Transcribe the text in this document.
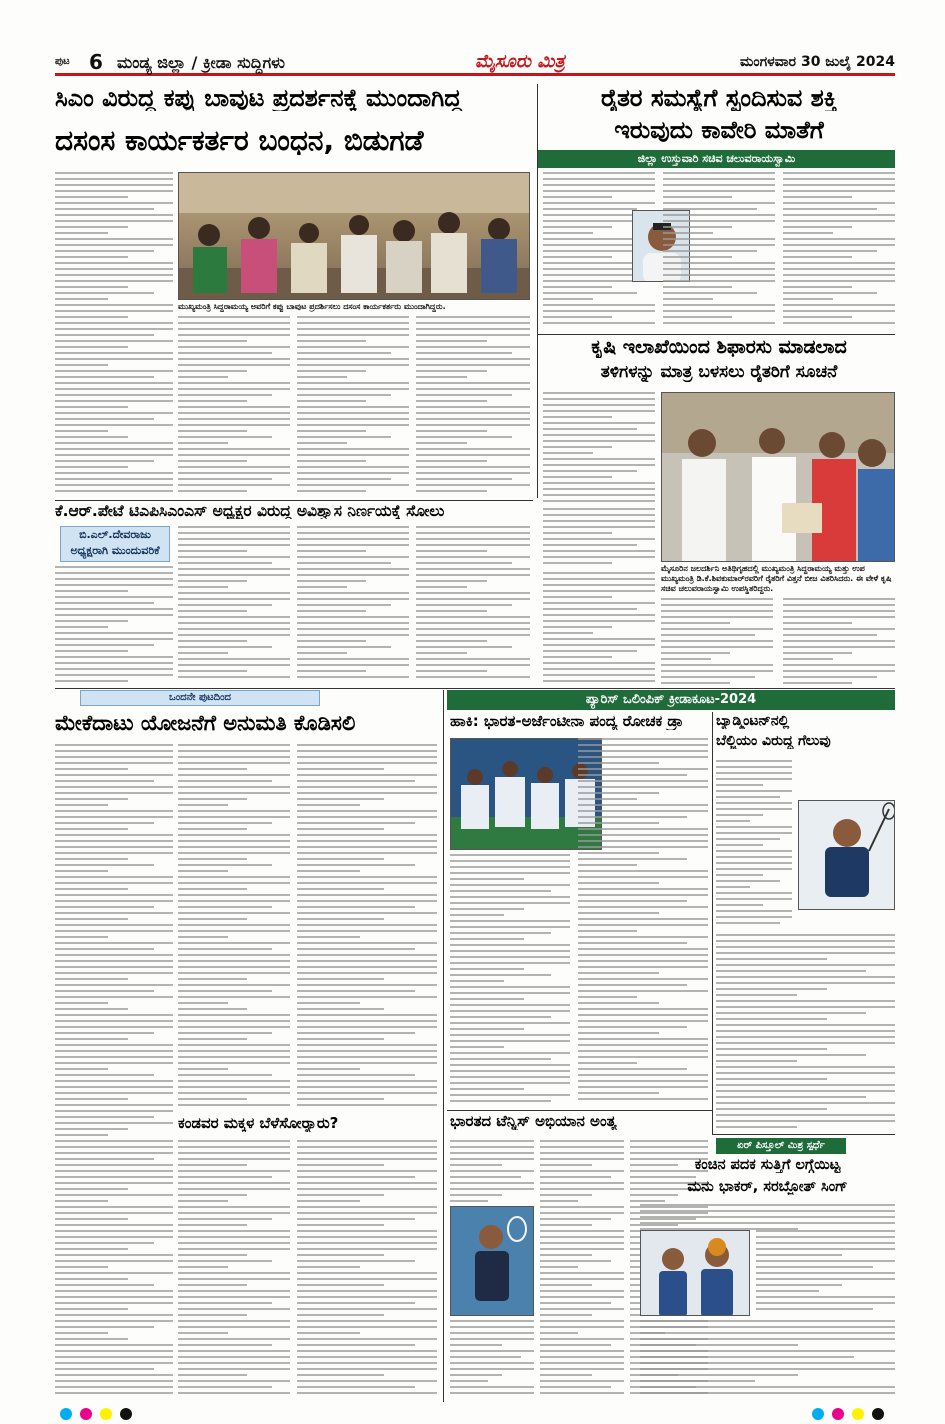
ಪುಟ 6 ಮಂಡ್ಯ ಜಿಲ್ಲಾ / ಕ್ರೀಡಾ ಸುದ್ದಿಗಳು	ಮೈಸೂರು ಮಿತ್ರ	ಮಂಗಳವಾರ 30 ಜುಲೈ 2024
ಸಿಎಂ ವಿರುದ್ಧ ಕಪ್ಪು ಬಾವುಟ ಪ್ರದರ್ಶನಕ್ಕೆ ಮುಂದಾಗಿದ್ದ
ದಸಂಸ ಕಾರ್ಯಕರ್ತರ ಬಂಧನ, ಬಿಡುಗಡೆ
ಮುಖ್ಯಮಂತ್ರಿ ಸಿದ್ದರಾಮಯ್ಯ ಅವರಿಗೆ ಕಪ್ಪು ಬಾವುಟ ಪ್ರದರ್ಶಿಸಲು ದಸಂಸ ಕಾರ್ಯಕರ್ತರು ಮುಂದಾಗಿದ್ದರು.
ರೈತರ ಸಮಸ್ಯೆಗೆ ಸ್ಪಂದಿಸುವ ಶಕ್ತಿ
ಇರುವುದು ಕಾವೇರಿ ಮಾತೆಗೆ
ಜಿಲ್ಲಾ ಉಸ್ತುವಾರಿ ಸಚಿವ ಚಲುವರಾಯಸ್ವಾಮಿ
ಕೃಷಿ ಇಲಾಖೆಯಿಂದ ಶಿಫಾರಸು ಮಾಡಲಾದ
ತಳಿಗಳನ್ನು ಮಾತ್ರ ಬಳಸಲು ರೈತರಿಗೆ ಸೂಚನೆ
ಮೈಸೂರಿನ ಜಲದರ್ಶಿನಿ ಅತಿಥಿಗೃಹದಲ್ಲಿ ಮುಖ್ಯಮಂತ್ರಿ ಸಿದ್ದರಾಮಯ್ಯ ಮತ್ತು ಉಪ ಮುಖ್ಯಮಂತ್ರಿ ಡಿ.ಕೆ.ಶಿವಕುಮಾರ್‌ರವರಿಗೆ ರೈತರಿಗೆ ವಿತ್ತನೆ ಬೀಜ ವಿತರಿಸಿದರು. ಈ ವೇಳೆ ಕೃಷಿ ಸಚಿವ ಚಲುವರಾಯಸ್ವಾಮಿ ಉಪಸ್ಥಿತರಿದ್ದರು.
ಕೆ.ಆರ್.ಪೇಟೆ ಟಿಎಪಿಸಿಎಂಎಸ್ ಅಧ್ಯಕ್ಷರ ವಿರುದ್ಧ ಅವಿಶ್ವಾಸ ನಿರ್ಣಯಕ್ಕೆ ಸೋಲು
ಬಿ.ಎಲ್.ದೇವರಾಜು
ಅಧ್ಯಕ್ಷರಾಗಿ ಮುಂದುವರಿಕೆ
ಒಂದನೇ ಪುಟದಿಂದ
ಮೇಕೆದಾಟು ಯೋಜನೆಗೆ ಅನುಮತಿ ಕೊಡಿಸಲಿ
ಕಂಡವರ ಮಕ್ಕಳ ಬೆಳೆಸೋರ್‍ಯಾರು?
ಪ್ಯಾರಿಸ್ ಒಲಿಂಪಿಕ್ ಕ್ರೀಡಾಕೂಟ-2024
ಹಾಕಿ: ಭಾರತ-ಅರ್ಜೆಂಟೀನಾ ಪಂದ್ಯ ರೋಚಕ ಡ್ರಾ	ಬ್ಯಾಡ್ಮಿಂಟನ್‌ನಲ್ಲಿ
ಬೆಲ್ಜಿಯಂ ವಿರುದ್ಧ ಗೆಲುವು
ಭಾರತದ ಟೆನ್ನಿಸ್ ಅಭಿಯಾನ ಅಂತ್ಯ
ಏರ್ ಪಿಸ್ತೂಲ್ ಮಿಶ್ರ ಸ್ಪರ್ಧೆ
ಕಂಚಿನ ಪದಕ ಸುತ್ತಿಗೆ ಲಗ್ಗೆಯಿಟ್ಟ
ಮನು ಭಾಕರ್, ಸರಬ್ಜೋತ್ ಸಿಂಗ್
